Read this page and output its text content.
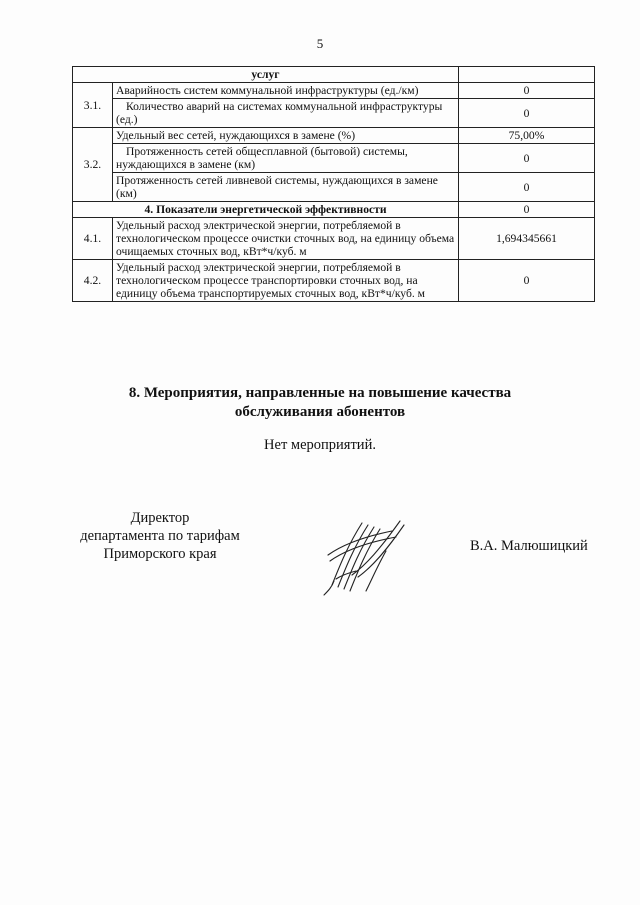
5
услуг		
3.1.	Аварийность систем коммунальной инфраструктуры (ед./км)	0
	Количество аварий на системах коммунальной инфраструктуры (ед.)	0
3.2.	Удельный вес сетей, нуждающихся в замене (%)	75,00%
	Протяженность сетей общесплавной (бытовой) системы, нуждающихся в замене (км)	0
	Протяженность сетей ливневой системы, нуждающихся в замене (км)	0
4. Показатели энергетической эффективности		0
4.1.	Удельный расход электрической энергии, потребляемой в технологическом процессе очистки сточных вод, на единицу объема очищаемых сточных вод, кВт*ч/куб. м	1,694345661
4.2.	Удельный расход электрической энергии, потребляемой в технологическом процессе транспортировки сточных вод, на единицу объема транспортируемых сточных вод, кВт*ч/куб. м	0
8. Мероприятия, направленные на повышение качества обслуживания абонентов
Нет мероприятий.
Директор
департамента по тарифам
Приморского края	В.А. Малюшицкий
